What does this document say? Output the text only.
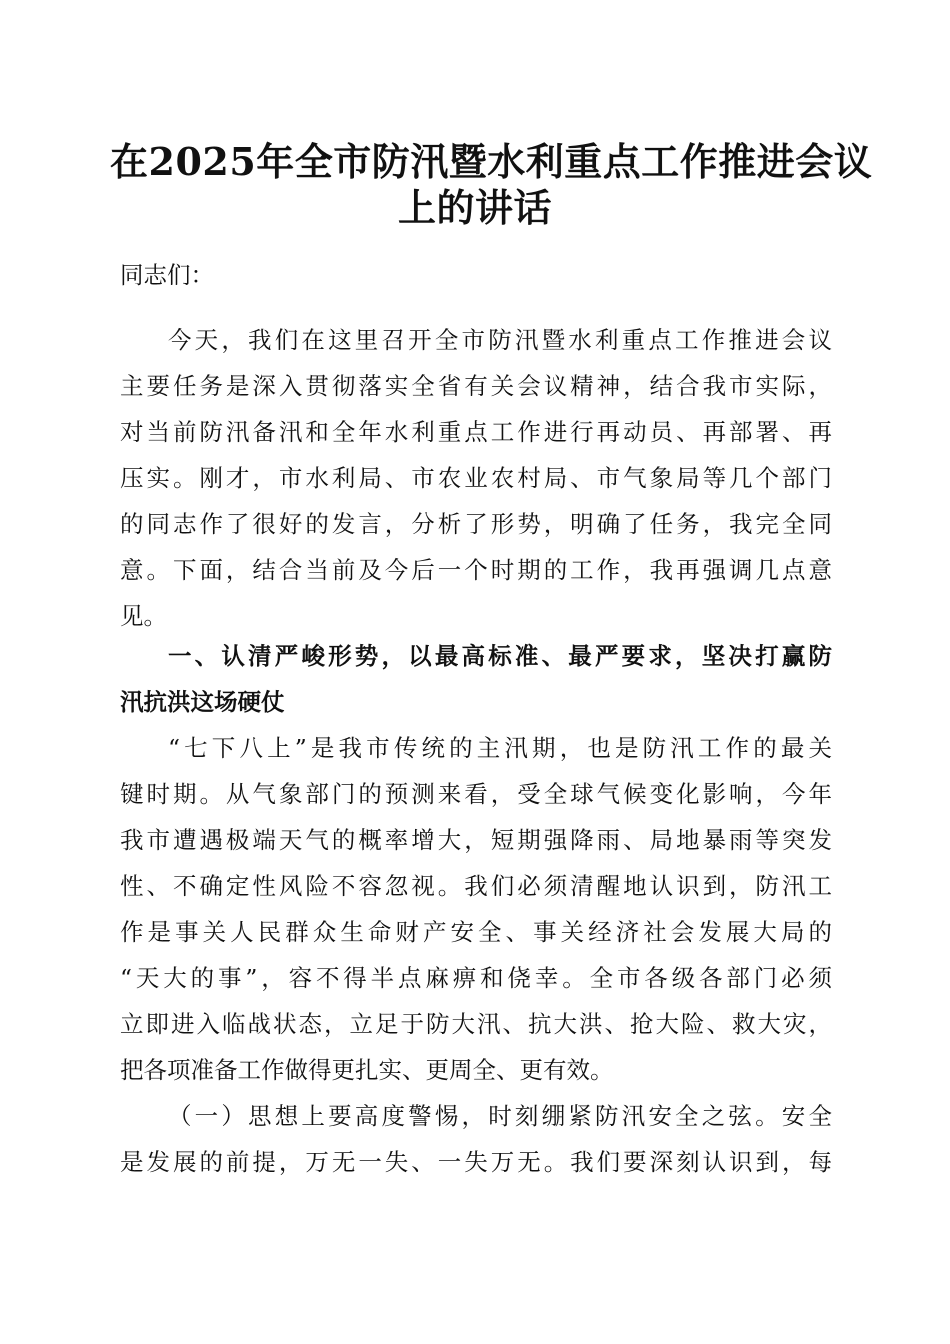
在2025年全市防汛暨水利重点工作推进会议
上的讲话
同志们：
今天，我们在这里召开全市防汛暨水利重点工作推进会议
主要任务是深入贯彻落实全省有关会议精神，结合我市实际，
对当前防汛备汛和全年水利重点工作进行再动员、再部署、再
压实。刚才，市水利局、市农业农村局、市气象局等几个部门
的同志作了很好的发言，分析了形势，明确了任务，我完全同
意。下面，结合当前及今后一个时期的工作，我再强调几点意
见。
一、认清严峻形势，以最高标准、最严要求，坚决打赢防
汛抗洪这场硬仗
“七下八上”是我市传统的主汛期，也是防汛工作的最关
键时期。从气象部门的预测来看，受全球气候变化影响，今年
我市遭遇极端天气的概率增大，短期强降雨、局地暴雨等突发
性、不确定性风险不容忽视。我们必须清醒地认识到，防汛工
作是事关人民群众生命财产安全、事关经济社会发展大局的
“天大的事”，容不得半点麻痹和侥幸。全市各级各部门必须
立即进入临战状态，立足于防大汛、抗大洪、抢大险、救大灾，
把各项准备工作做得更扎实、更周全、更有效。
（一）思想上要高度警惕，时刻绷紧防汛安全之弦。安全
是发展的前提，万无一失、一失万无。我们要深刻认识到，每
